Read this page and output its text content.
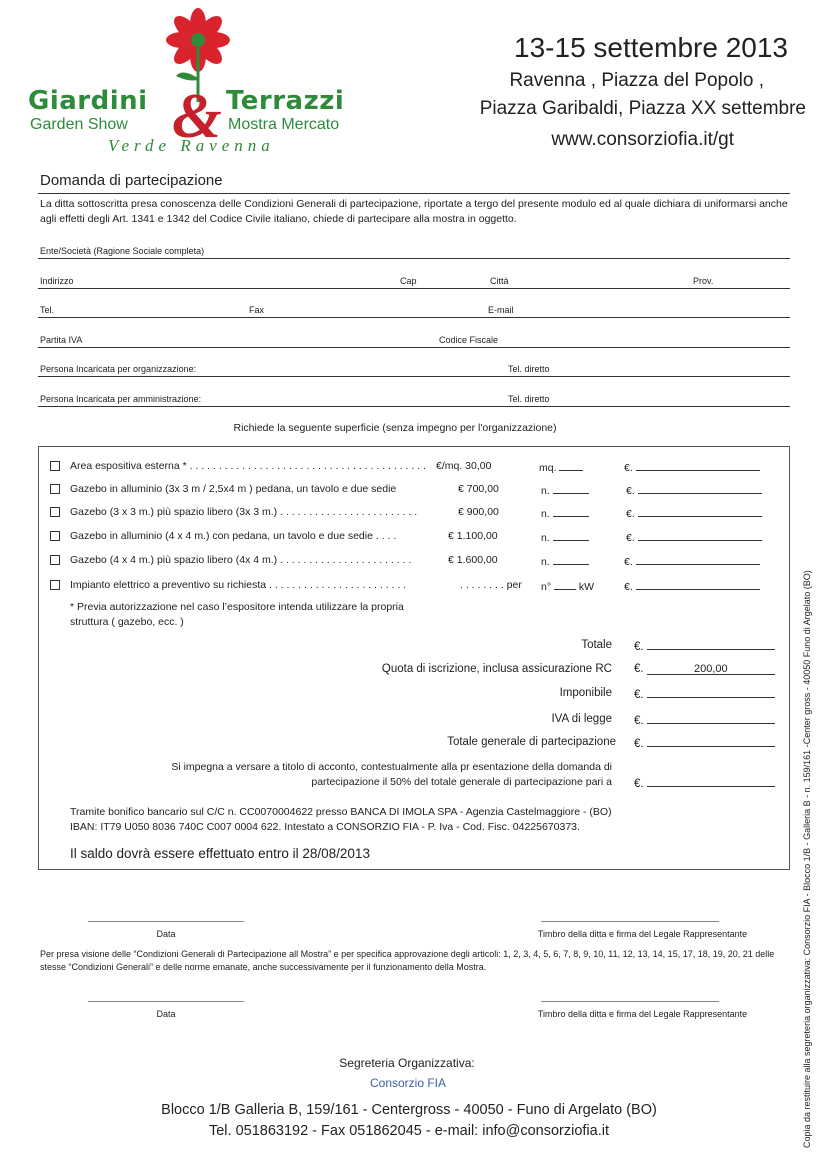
Giardini & Terrazzi
Garden Show	Mostra Mercato
Verde Ravenna
13-15 settembre 2013
Ravenna , Piazza del Popolo ,
Piazza Garibaldi, Piazza XX settembre
www.consorziofia.it/gt
Domanda di partecipazione
La ditta sottoscritta presa conoscenza delle Condizioni Generali di partecipazione, riportate a tergo del presente modulo ed al quale dichiara di uniformarsi anche agli effetti degli Art. 1341 e 1342 del Codice Civile italiano, chiede di partecipare alla mostra in oggetto.
Ente/Società (Ragione Sociale completa)
Indirizzo	Cap	Città	Prov.
Tel.	Fax	E-mail
Partita IVA	Codice Fiscale
Persona Incaricata per organizzazione:	Tel. diretto
Persona Incaricata per amministrazione:	Tel. diretto
Richiede la seguente superficie (senza impegno per l'organizzazione)
Area espositiva esterna * . . . . . . . . . . . . . . . . . . . . . . . . . . . . . . . . . . . . . . . . . €/mq. 30,00	mq.	€.
Gazebo in alluminio (3x 3 m / 2,5x4 m ) pedana, un tavolo e due sedie	€ 700,00	n.	€.
Gazebo (3 x 3 m.) più spazio libero (3x 3 m.) . . . . . . . . . . . . . . . . . . . . . . . .	€ 900,00	n.	€.
Gazebo in alluminio (4 x 4 m.) con pedana, un tavolo e due sedie . . . .	€ 1.100,00	n.	€.
Gazebo (4 x 4 m.) più spazio libero (4x 4 m.) . . . . . . . . . . . . . . . . . . . . . . .	€ 1.600,00	n.	€.
Impianto elettrico a preventivo su richiesta . . . . . . . . . . . . . . . . . . . . . . . .	. . . . . . . . per n°	kW	€.
* Previa autorizzazione nel caso l’espositore intenda utilizzare la propria struttura ( gazebo, ecc. )
Totale €.
Quota di iscrizione, inclusa assicurazione RC €.	200,00
Imponibile €.
IVA di legge €.
Totale generale di partecipazione €.
Si impegna a versare a titolo di acconto, contestualmente alla pr esentazione della domanda di
partecipazione il 50% del totale generale di partecipazione pari a €.
Tramite bonifico bancario sul C/C n. CC0070004622 presso BANCA DI IMOLA SPA - Agenzia Castelmaggiore - (BO)
IBAN: IT79 U050 8036 740C C007 0004 622. Intestato a CONSORZIO FIA - P. Iva - Cod. Fisc. 04225670373.
Il saldo dovrà essere effettuato entro il 28/08/2013
Data	Timbro della ditta e firma del Legale Rappresentante
Per presa visione delle “Condizioni Generali di Partecipazione all Mostra” e per specifica approvazione degli articoli: 1, 2, 3, 4, 5, 6, 7, 8, 9, 10, 11, 12, 13, 14, 15, 17, 18, 19, 20, 21 delle stesse “Condizioni Generali” e delle norme emanate, anche successivamente per il funzionamento della Mostra.
Data	Timbro della ditta e firma del Legale Rappresentante
Segreteria Organizzativa:
Consorzio FIA
Blocco 1/B Galleria B, 159/161 - Centergross - 40050 - Funo di Argelato (BO)
Tel. 051863192 - Fax 051862045 - e-mail: info@consorziofia.it	Copia da restituire alla segreteria organizzativa: Consorzio FIA - Blocco 1/B - Galleria B - n. 159/161 -Center gross - 40050 Funo di Argelato (BO)
